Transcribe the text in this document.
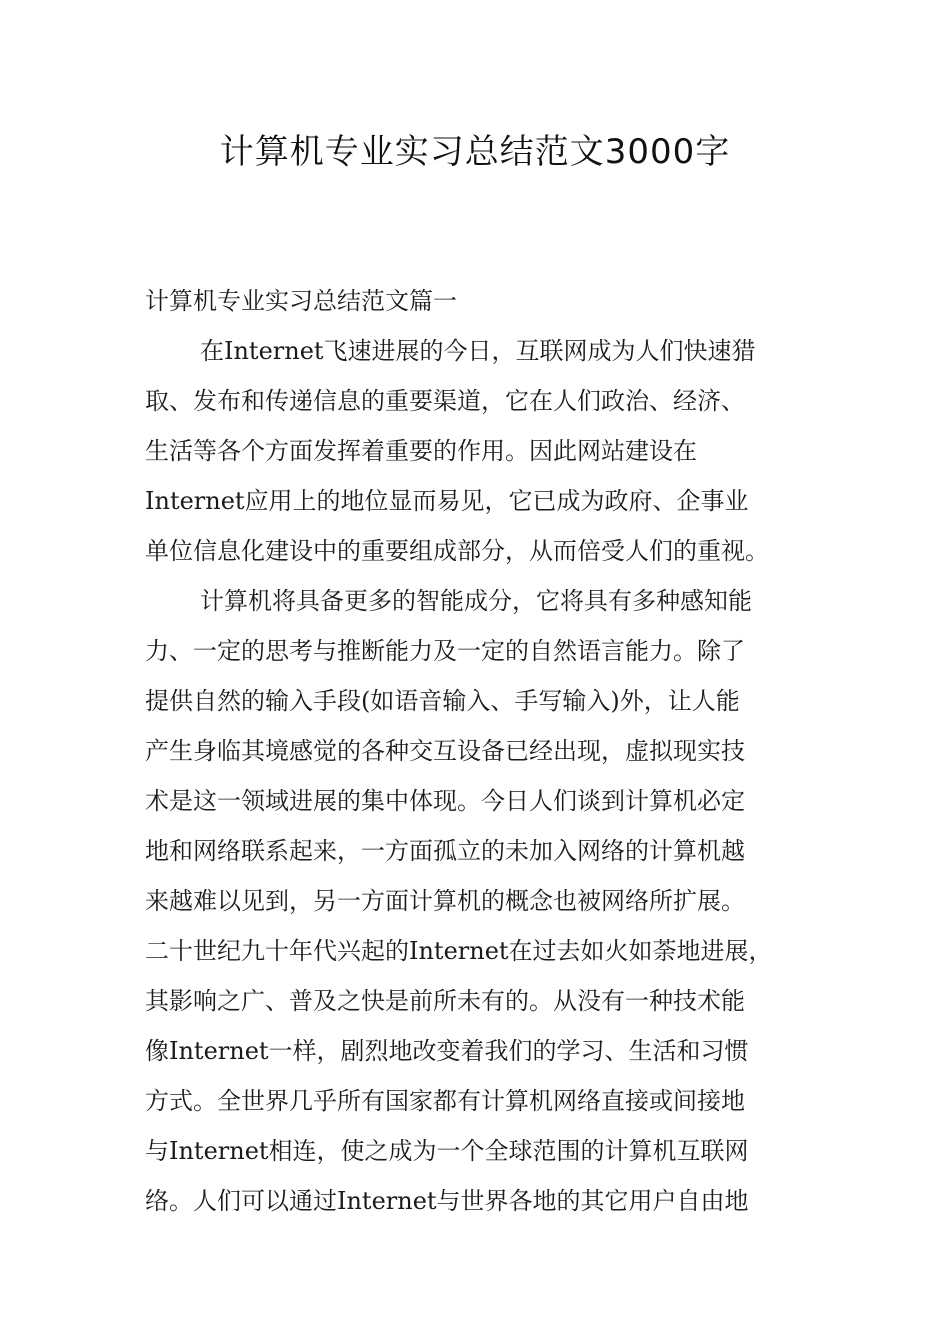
计算机专业实习总结范文3000字
计算机专业实习总结范文篇一

在Internet飞速进展的今日，互联网成为人们快速猎
取、发布和传递信息的重要渠道，它在人们政治、经济、
生活等各个方面发挥着重要的作用。因此网站建设在
Internet应用上的地位显而易见，它已成为政府、企事业
单位信息化建设中的重要组成部分，从而倍受人们的重视。

计算机将具备更多的智能成分，它将具有多种感知能
力、一定的思考与推断能力及一定的自然语言能力。除了
提供自然的输入手段(如语音输入、手写输入)外，让人能
产生身临其境感觉的各种交互设备已经出现，虚拟现实技
术是这一领域进展的集中体现。今日人们谈到计算机必定
地和网络联系起来，一方面孤立的未加入网络的计算机越
来越难以见到，另一方面计算机的概念也被网络所扩展。
二十世纪九十年代兴起的Internet在过去如火如荼地进展，
其影响之广、普及之快是前所未有的。从没有一种技术能
像Internet一样，剧烈地改变着我们的学习、生活和习惯
方式。全世界几乎所有国家都有计算机网络直接或间接地
与Internet相连，使之成为一个全球范围的计算机互联网
络。人们可以通过Internet与世界各地的其它用户自由地
